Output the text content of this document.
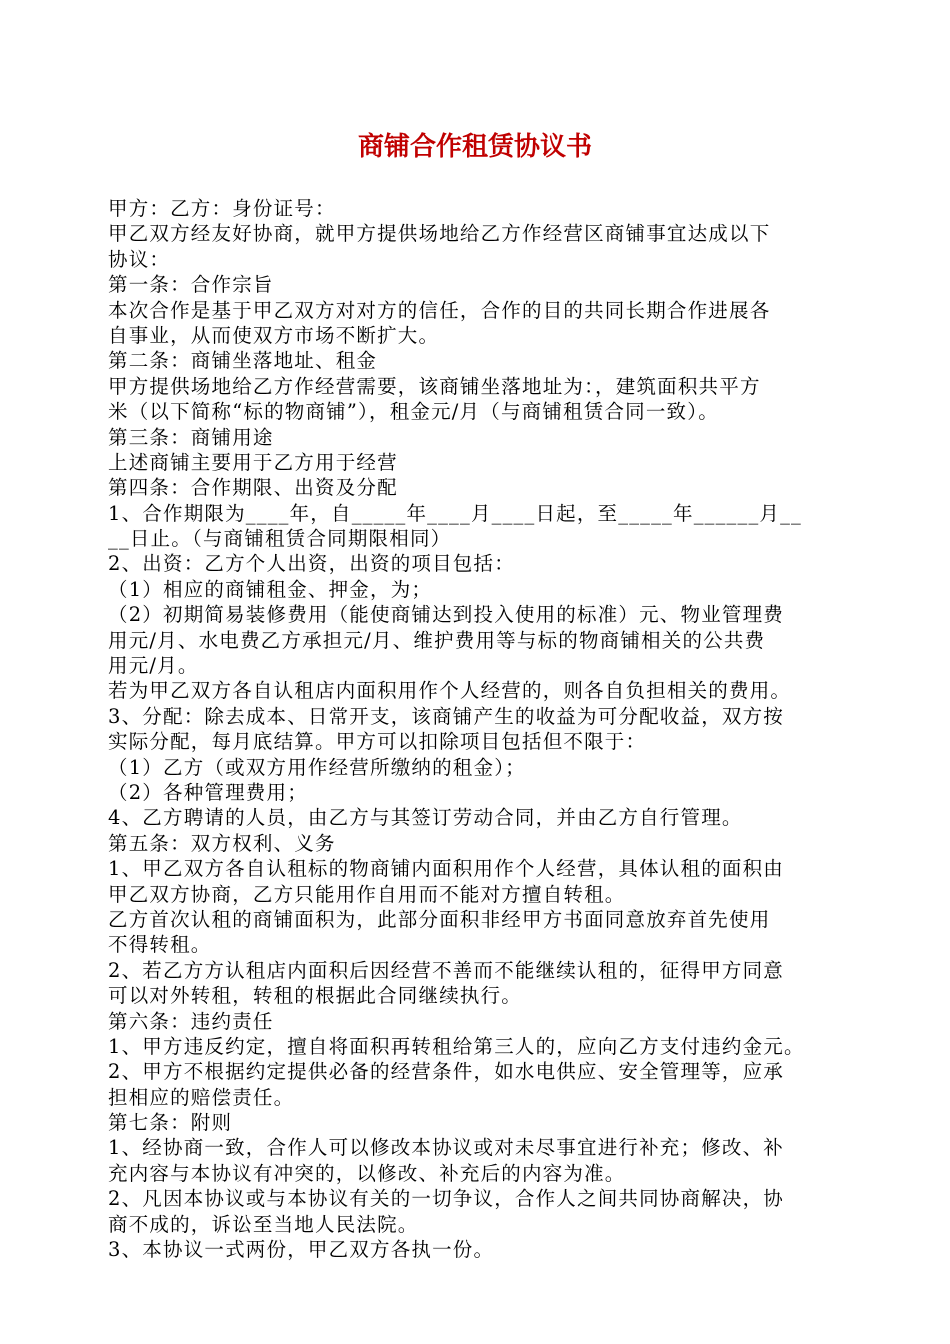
商铺合作租赁协议书
甲方：乙方：身份证号：
甲乙双方经友好协商，就甲方提供场地给乙方作经营区商铺事宜达成以下
协议：
第一条：合作宗旨
本次合作是基于甲乙双方对对方的信任，合作的目的共同长期合作进展各
自事业，从而使双方市场不断扩大。
第二条：商铺坐落地址、租金
甲方提供场地给乙方作经营需要，该商铺坐落地址为：，建筑面积共平方
米（以下简称“标的物商铺”），租金元/月（与商铺租赁合同一致）。
第三条：商铺用途
上述商铺主要用于乙方用于经营
第四条：合作期限、出资及分配
1、合作期限为____年，自_____年____月____日起，至_____年______月__
__日止。（与商铺租赁合同期限相同）
2、出资：乙方个人出资，出资的项目包括：
（1）相应的商铺租金、押金，为；
（2）初期简易装修费用（能使商铺达到投入使用的标准）元、物业管理费
用元/月、水电费乙方承担元/月、维护费用等与标的物商铺相关的公共费
用元/月。
若为甲乙双方各自认租店内面积用作个人经营的，则各自负担相关的费用。
3、分配：除去成本、日常开支，该商铺产生的收益为可分配收益，双方按
实际分配，每月底结算。甲方可以扣除项目包括但不限于：
（1）乙方（或双方用作经营所缴纳的租金）；
（2）各种管理费用；
4、乙方聘请的人员，由乙方与其签订劳动合同，并由乙方自行管理。
第五条：双方权利、义务
1、甲乙双方各自认租标的物商铺内面积用作个人经营，具体认租的面积由
甲乙双方协商，乙方只能用作自用而不能对方擅自转租。
乙方首次认租的商铺面积为，此部分面积非经甲方书面同意放弃首先使用
不得转租。
2、若乙方方认租店内面积后因经营不善而不能继续认租的，征得甲方同意
可以对外转租，转租的根据此合同继续执行。
第六条：违约责任
1、甲方违反约定，擅自将面积再转租给第三人的，应向乙方支付违约金元。
2、甲方不根据约定提供必备的经营条件，如水电供应、安全管理等，应承
担相应的赔偿责任。
第七条：附则
1、经协商一致，合作人可以修改本协议或对未尽事宜进行补充；修改、补
充内容与本协议有冲突的，以修改、补充后的内容为准。
2、凡因本协议或与本协议有关的一切争议，合作人之间共同协商解决，协
商不成的，诉讼至当地人民法院。
3、本协议一式两份，甲乙双方各执一份。
